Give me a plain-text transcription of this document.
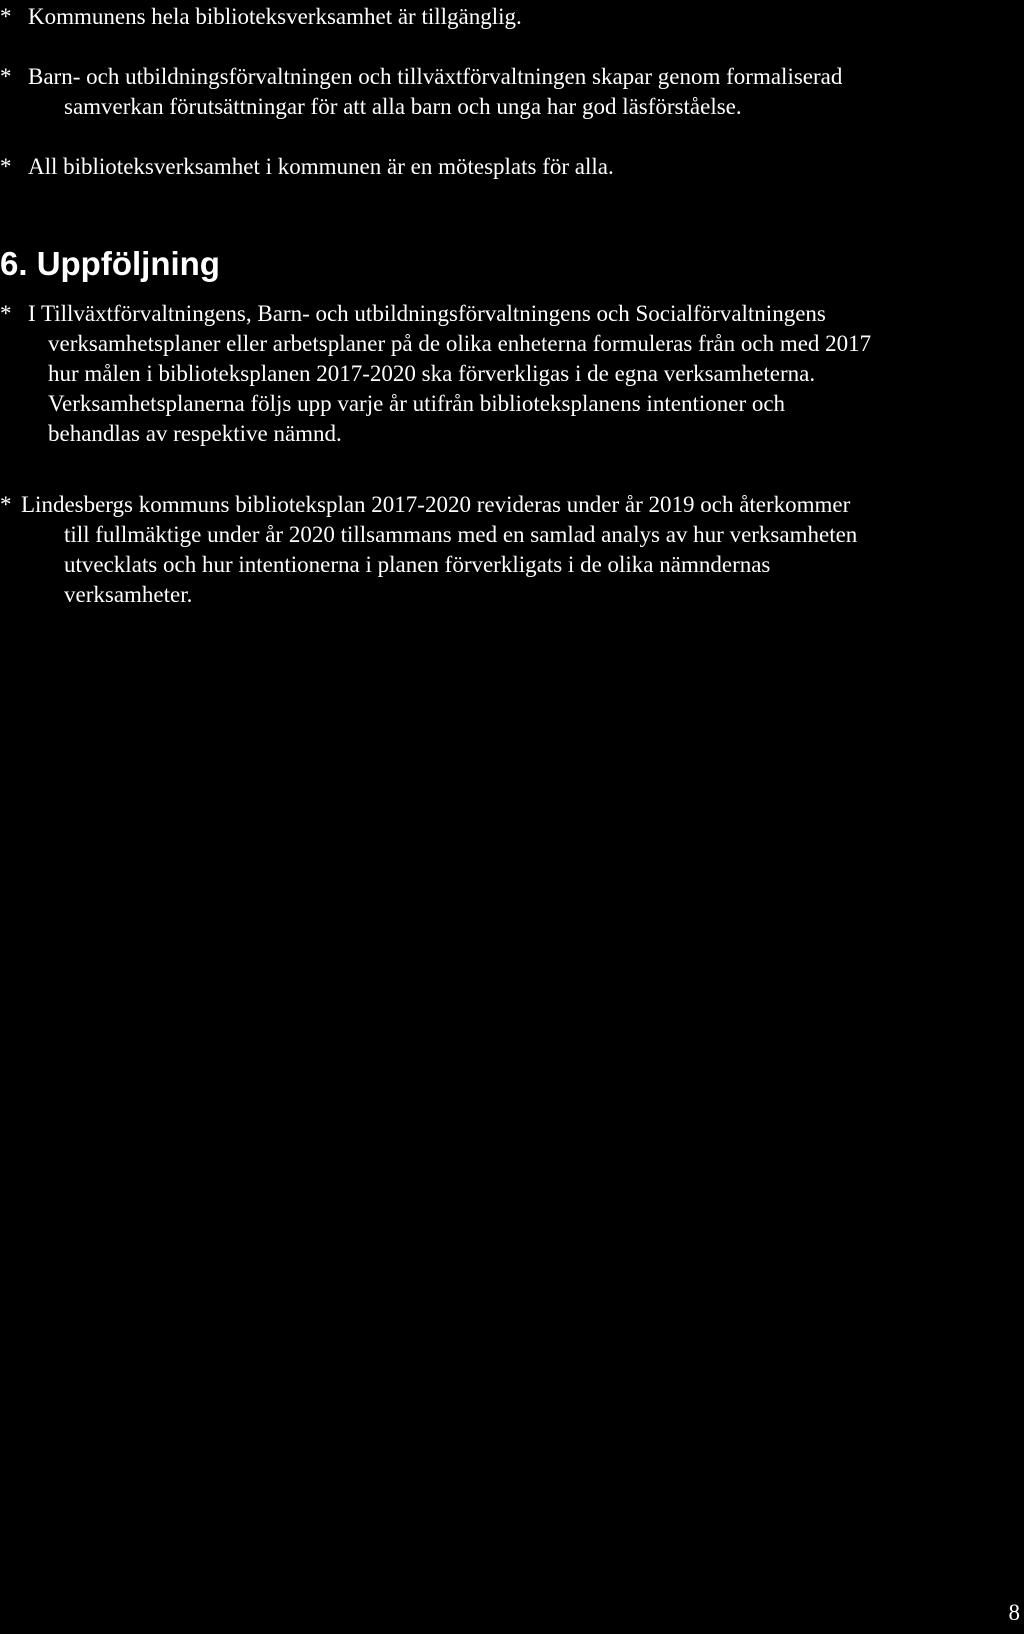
* Kommunens hela biblioteksverksamhet är tillgänglig.
* Barn- och utbildningsförvaltningen och tillväxtförvaltningen skapar genom formaliserad
samverkan förutsättningar för att alla barn och unga har god läsförståelse.
* All biblioteksverksamhet i kommunen är en mötesplats för alla.
6. Uppföljning
* I Tillväxtförvaltningens, Barn- och utbildningsförvaltningens och Socialförvaltningens
verksamhetsplaner eller arbetsplaner på de olika enheterna formuleras från och med 2017
hur målen i biblioteksplanen 2017-2020 ska förverkligas i de egna verksamheterna.
Verksamhetsplanerna följs upp varje år utifrån biblioteksplanens intentioner och
behandlas av respektive nämnd.
* Lindesbergs kommuns biblioteksplan 2017-2020 revideras under år 2019 och återkommer
till fullmäktige under år 2020 tillsammans med en samlad analys av hur verksamheten
utvecklats och hur intentionerna i planen förverkligats i de olika nämndernas
verksamheter.
8
